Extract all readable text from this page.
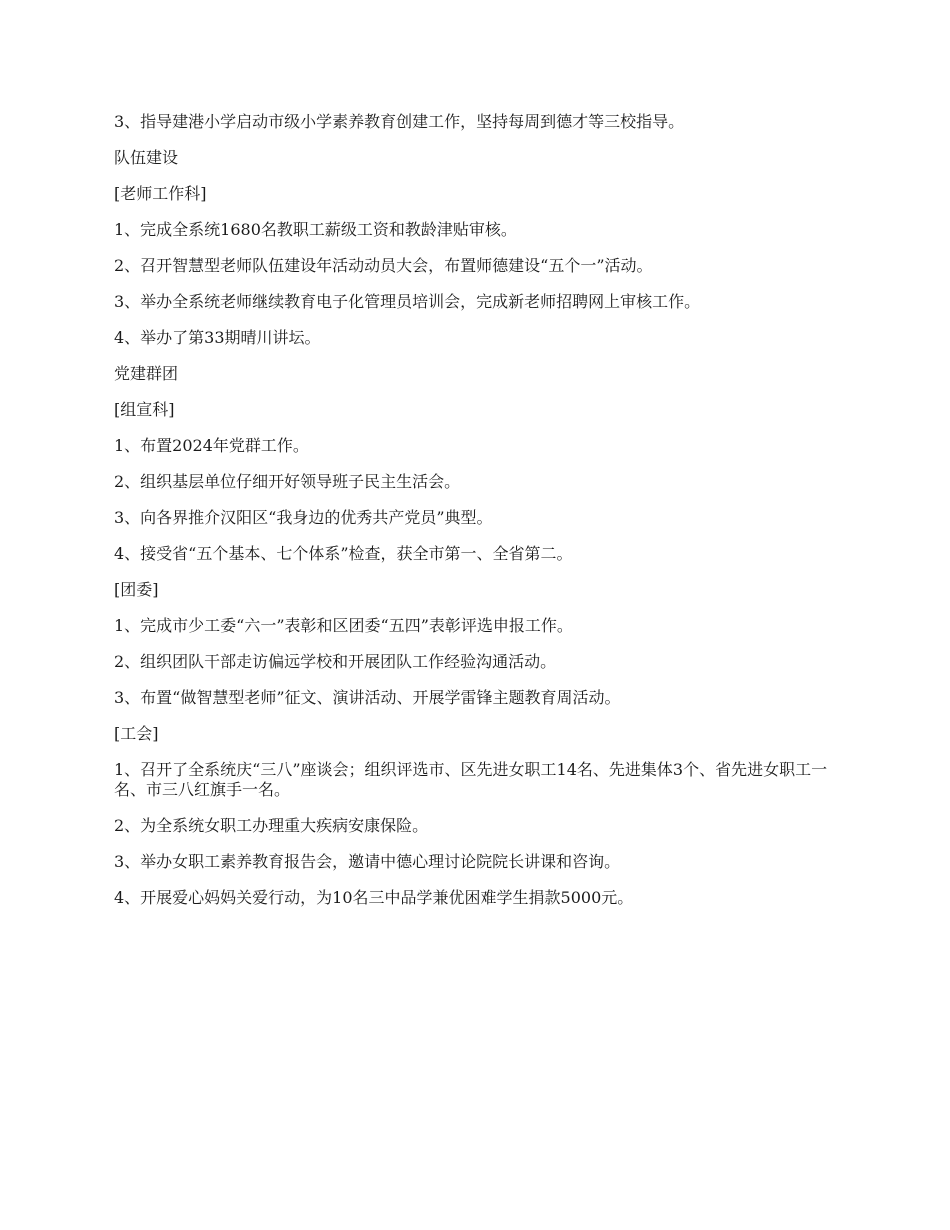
3、指导建港小学启动市级小学素养教育创建工作，坚持每周到德才等三校指导。

队伍建设

[老师工作科]

1、完成全系统1680名教职工薪级工资和教龄津贴审核。

2、召开智慧型老师队伍建设年活动动员大会，布置师德建设“五个一”活动。

3、举办全系统老师继续教育电子化管理员培训会，完成新老师招聘网上审核工作。

4、举办了第33期晴川讲坛。

党建群团

[组宣科]

1、布置2024年党群工作。

2、组织基层单位仔细开好领导班子民主生活会。

3、向各界推介汉阳区“我身边的优秀共产党员”典型。

4、接受省“五个基本、七个体系”检查，获全市第一、全省第二。

[团委]

1、完成市少工委“六一”表彰和区团委“五四”表彰评选申报工作。

2、组织团队干部走访偏远学校和开展团队工作经验沟通活动。

3、布置“做智慧型老师”征文、演讲活动、开展学雷锋主题教育周活动。

[工会]

1、召开了全系统庆“三八”座谈会；组织评选市、区先进女职工14名、先进集体3个、省先进女职工一名、市三八红旗手一名。

2、为全系统女职工办理重大疾病安康保险。

3、举办女职工素养教育报告会，邀请中德心理讨论院院长讲课和咨询。

4、开展爱心妈妈关爱行动，为10名三中品学兼优困难学生捐款5000元。
